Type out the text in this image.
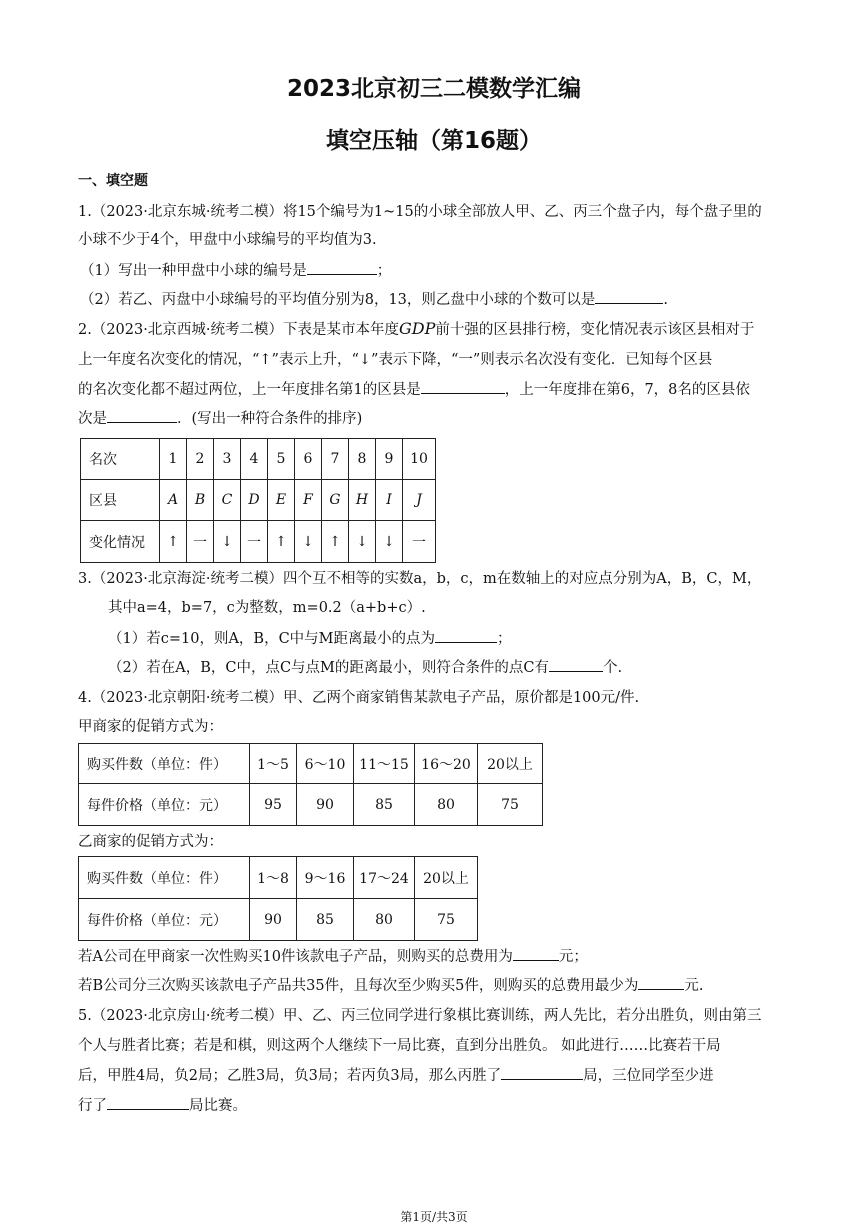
2023北京初三二模数学汇编
填空压轴（第16题）
一、填空题
1.（2023·北京东城·统考二模）将15个编号为1~15的小球全部放人甲、乙、丙三个盘子内，每个盘子里的
小球不少于4个，甲盘中小球编号的平均值为3.
（1）写出一种甲盘中小球的编号是	；
（2）若乙、丙盘中小球编号的平均值分别为8，13，则乙盘中小球的个数可以是	.
2.（2023·北京西城·统考二模）下表是某市本年度GDP前十强的区县排行榜，变化情况表示该区县相对于
上一年度名次变化的情况，“↑”表示上升，“↓”表示下降，“一”则表示名次没有变化．已知每个区县
的名次变化都不超过两位，上一年度排名第1的区县是	，上一年度排在第6，7，8名的区县依
次是	．(写出一种符合条件的排序)
名次	1	2	3	4	5	6	7	8	9	10
区县	A	B	C	D	E	F	G	H	I	J
变化情况	↑	一	↓	一	↑	↓	↑	↓	↓	一
3.（2023·北京海淀·统考二模）四个互不相等的实数a，b，c，m在数轴上的对应点分别为A，B，C，M，
其中a=4，b=7，c为整数，m=0.2（a+b+c）.
（1）若c=10，则A，B，C中与M距离最小的点为	；
（2）若在A，B，C中，点C与点M的距离最小，则符合条件的点C有	个.
4.（2023·北京朝阳·统考二模）甲、乙两个商家销售某款电子产品，原价都是100元/件.
甲商家的促销方式为：
购买件数（单位：件）	1～5	6～10	11～15	16～20	20以上
每件价格（单位：元）	95	90	85	80	75
乙商家的促销方式为：
购买件数（单位：件）	1～8	9～16	17～24	20以上
每件价格（单位：元）	90	85	80	75
若A公司在甲商家一次性购买10件该款电子产品，则购买的总费用为	元；
若B公司分三次购买该款电子产品共35件，且每次至少购买5件，则购买的总费用最少为	元.
5.（2023·北京房山·统考二模）甲、乙、丙三位同学进行象棋比赛训练，两人先比，若分出胜负，则由第三
个人与胜者比赛；若是和棋，则这两个人继续下一局比赛，直到分出胜负。 如此进行……比赛若干局
后，甲胜4局，负2局；乙胜3局，负3局；若丙负3局，那么丙胜了	局，三位同学至少进
行了	局比赛。
第1页/共3页
